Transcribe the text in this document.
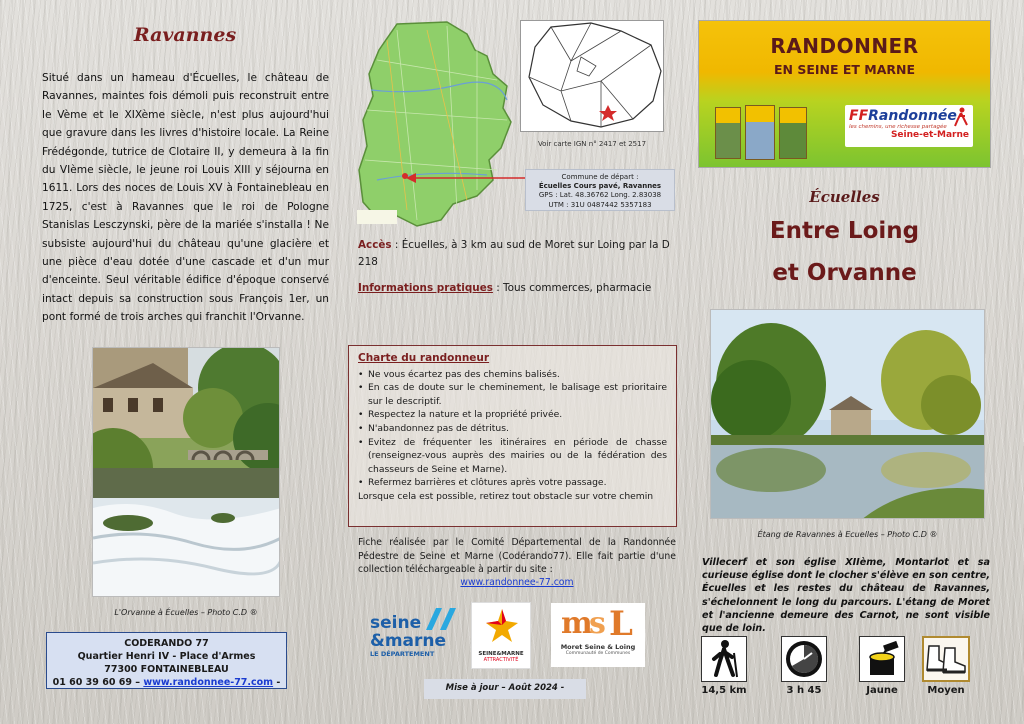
Ravannes

Situé dans un hameau d'Écuelles, le château de Ravannes, maintes fois démoli puis reconstruit entre le Vème et le XIXème siècle, n'est plus aujourd'hui que gravure dans les livres d'histoire locale. La Reine Frédégonde, tutrice de Clotaire II, y demeura à la fin du VIème siècle, le jeune roi Louis XIII y séjourna en 1611. Lors des noces de Louis XV à Fontainebleau en 1725, c'est à Ravannes que le roi de Pologne Stanislas Lesczynski, père de la mariée s'installa ! Ne subsiste aujourd'hui du château qu'une glacière et une pièce d'eau dotée d'une cascade et d'un mur d'enceinte. Seul véritable édifice d'époque conservé intact depuis sa construction sous François 1er, un pont formé de trois arches qui franchit l'Orvanne.

L'Orvanne à Écuelles – Photo C.D ®
CODERANDO 77
Quartier Henri IV - Place d'Armes
77300 FONTAINEBLEAU
01 60 39 60 69 – www.randonnee-77.com -
Voir carte IGN n° 2417 et 2517
Commune de départ :
Écuelles Cours pavé, Ravannes
GPS : Lat. 48.36762 Long. 2.83038
UTM : 31U 0487442 5357183

Accès : Écuelles, à 3 km au sud de Moret sur Loing par la D 218

Informations pratiques : Tous commerces, pharmacie

Charte du randonneur
• Ne vous écartez pas des chemins balisés.
• En cas de doute sur le cheminement, le balisage est prioritaire sur le descriptif.
• Respectez la nature et la propriété privée.
• N'abandonnez pas de détritus.
• Evitez de fréquenter les itinéraires en période de chasse (renseignez-vous auprès des mairies ou de la fédération des chasseurs de Seine et Marne).
• Refermez barrières et clôtures après votre passage.
Lorsque cela est possible, retirez tout obstacle sur votre chemin

Fiche réalisée par le Comité Départemental de la Randonnée Pédestre de Seine et Marne (Codérando77). Elle fait partie d'une collection téléchargeable à partir du site :

www.randonnee-77.com
seine
&marne
LE DÉPARTEMENT	SEINE&MARNE
ATTRACTIVITÉ
m
s L
Moret Seine & Loing
Communauté de Communes
Mise à jour – Août 2024 -
RANDONNER
EN SEINE ET MARNE
FFRandonnée
les chemins, une richesse partagée
Seine-et-Marne
Écuelles
Entre Loing
et Orvanne
Étang de Ravannes à Ecuelles – Photo C.D ®

Villecerf et son église XIIème, Montarlot et sa curieuse église dont le clocher s'élève en son centre, Écuelles et les restes du château de Ravannes, s'échelonnent le long du parcours. L'étang de Moret et l'ancienne demeure des Carnot, ne sont visible que de loin.

14,5 km	3 h 45	Jaune	Moyen
